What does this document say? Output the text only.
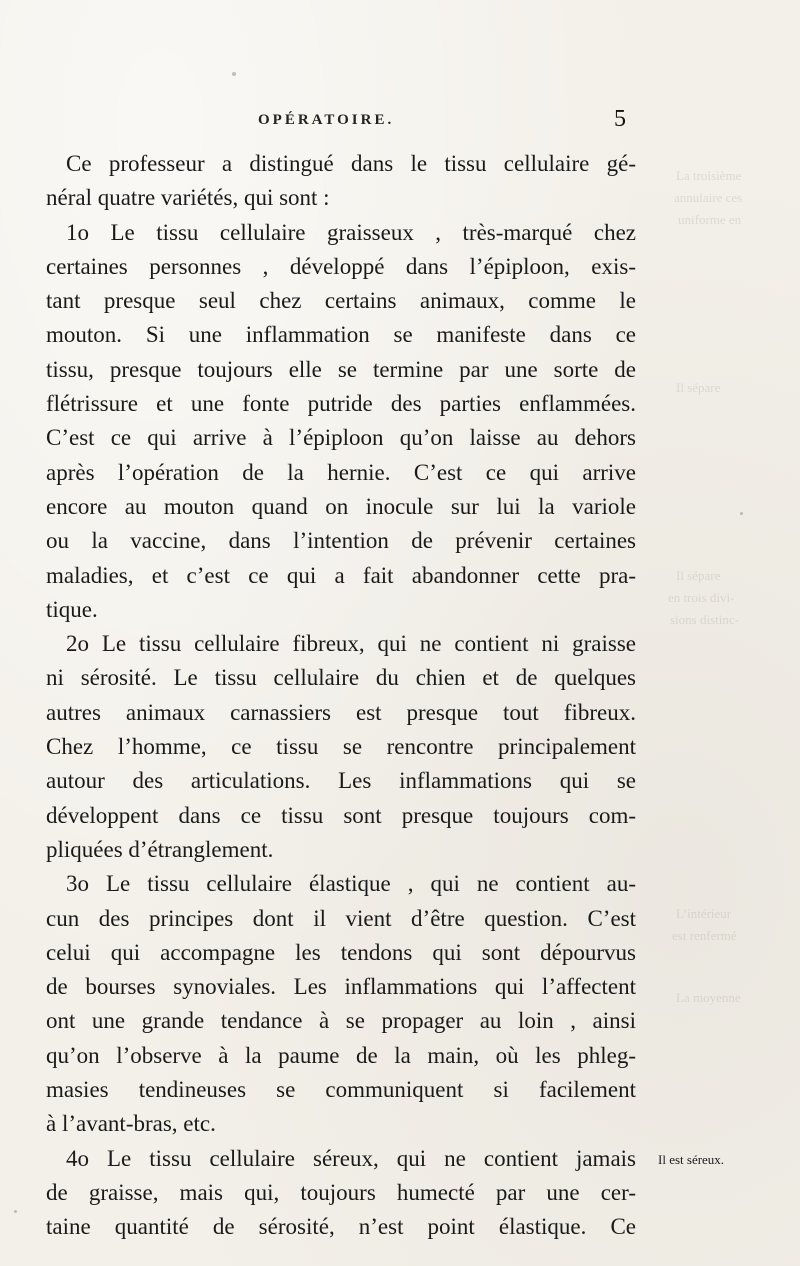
La troisième
annulaire ces
uniforme en
Il sépare
Il sépare
en trois divi-
sions distinc-
L’intérieur
est renfermé
La moyenne
OPÉRATOIRE.	5
Ce professeur a distingué dans le tissu cellulaire gé-
néral quatre variétés, qui sont :
1o Le tissu cellulaire graisseux , très-marqué chez
certaines personnes , développé dans l’épiploon, exis-
tant presque seul chez certains animaux, comme le
mouton. Si une inflammation se manifeste dans ce
tissu, presque toujours elle se termine par une sorte de
flétrissure et une fonte putride des parties enflammées.
C’est ce qui arrive à l’épiploon qu’on laisse au dehors
après l’opération de la hernie. C’est ce qui arrive
encore au mouton quand on inocule sur lui la variole
ou la vaccine, dans l’intention de prévenir certaines
maladies, et c’est ce qui a fait abandonner cette pra-
tique.
2o Le tissu cellulaire fibreux, qui ne contient ni graisse
ni sérosité. Le tissu cellulaire du chien et de quelques
autres animaux carnassiers est presque tout fibreux.
Chez l’homme, ce tissu se rencontre principalement
autour des articulations. Les inflammations qui se
développent dans ce tissu sont presque toujours com-
pliquées d’étranglement.
3o Le tissu cellulaire élastique , qui ne contient au-
cun des principes dont il vient d’être question. C’est
celui qui accompagne les tendons qui sont dépourvus
de bourses synoviales. Les inflammations qui l’affectent
ont une grande tendance à se propager au loin , ainsi
qu’on l’observe à la paume de la main, où les phleg-
masies tendineuses se communiquent si facilement
à l’avant-bras, etc.
4o Le tissu cellulaire séreux, qui ne contient jamais
de graisse, mais qui, toujours humecté par une cer-
taine quantité de sérosité, n’est point élastique. Ce
Il est séreux.
